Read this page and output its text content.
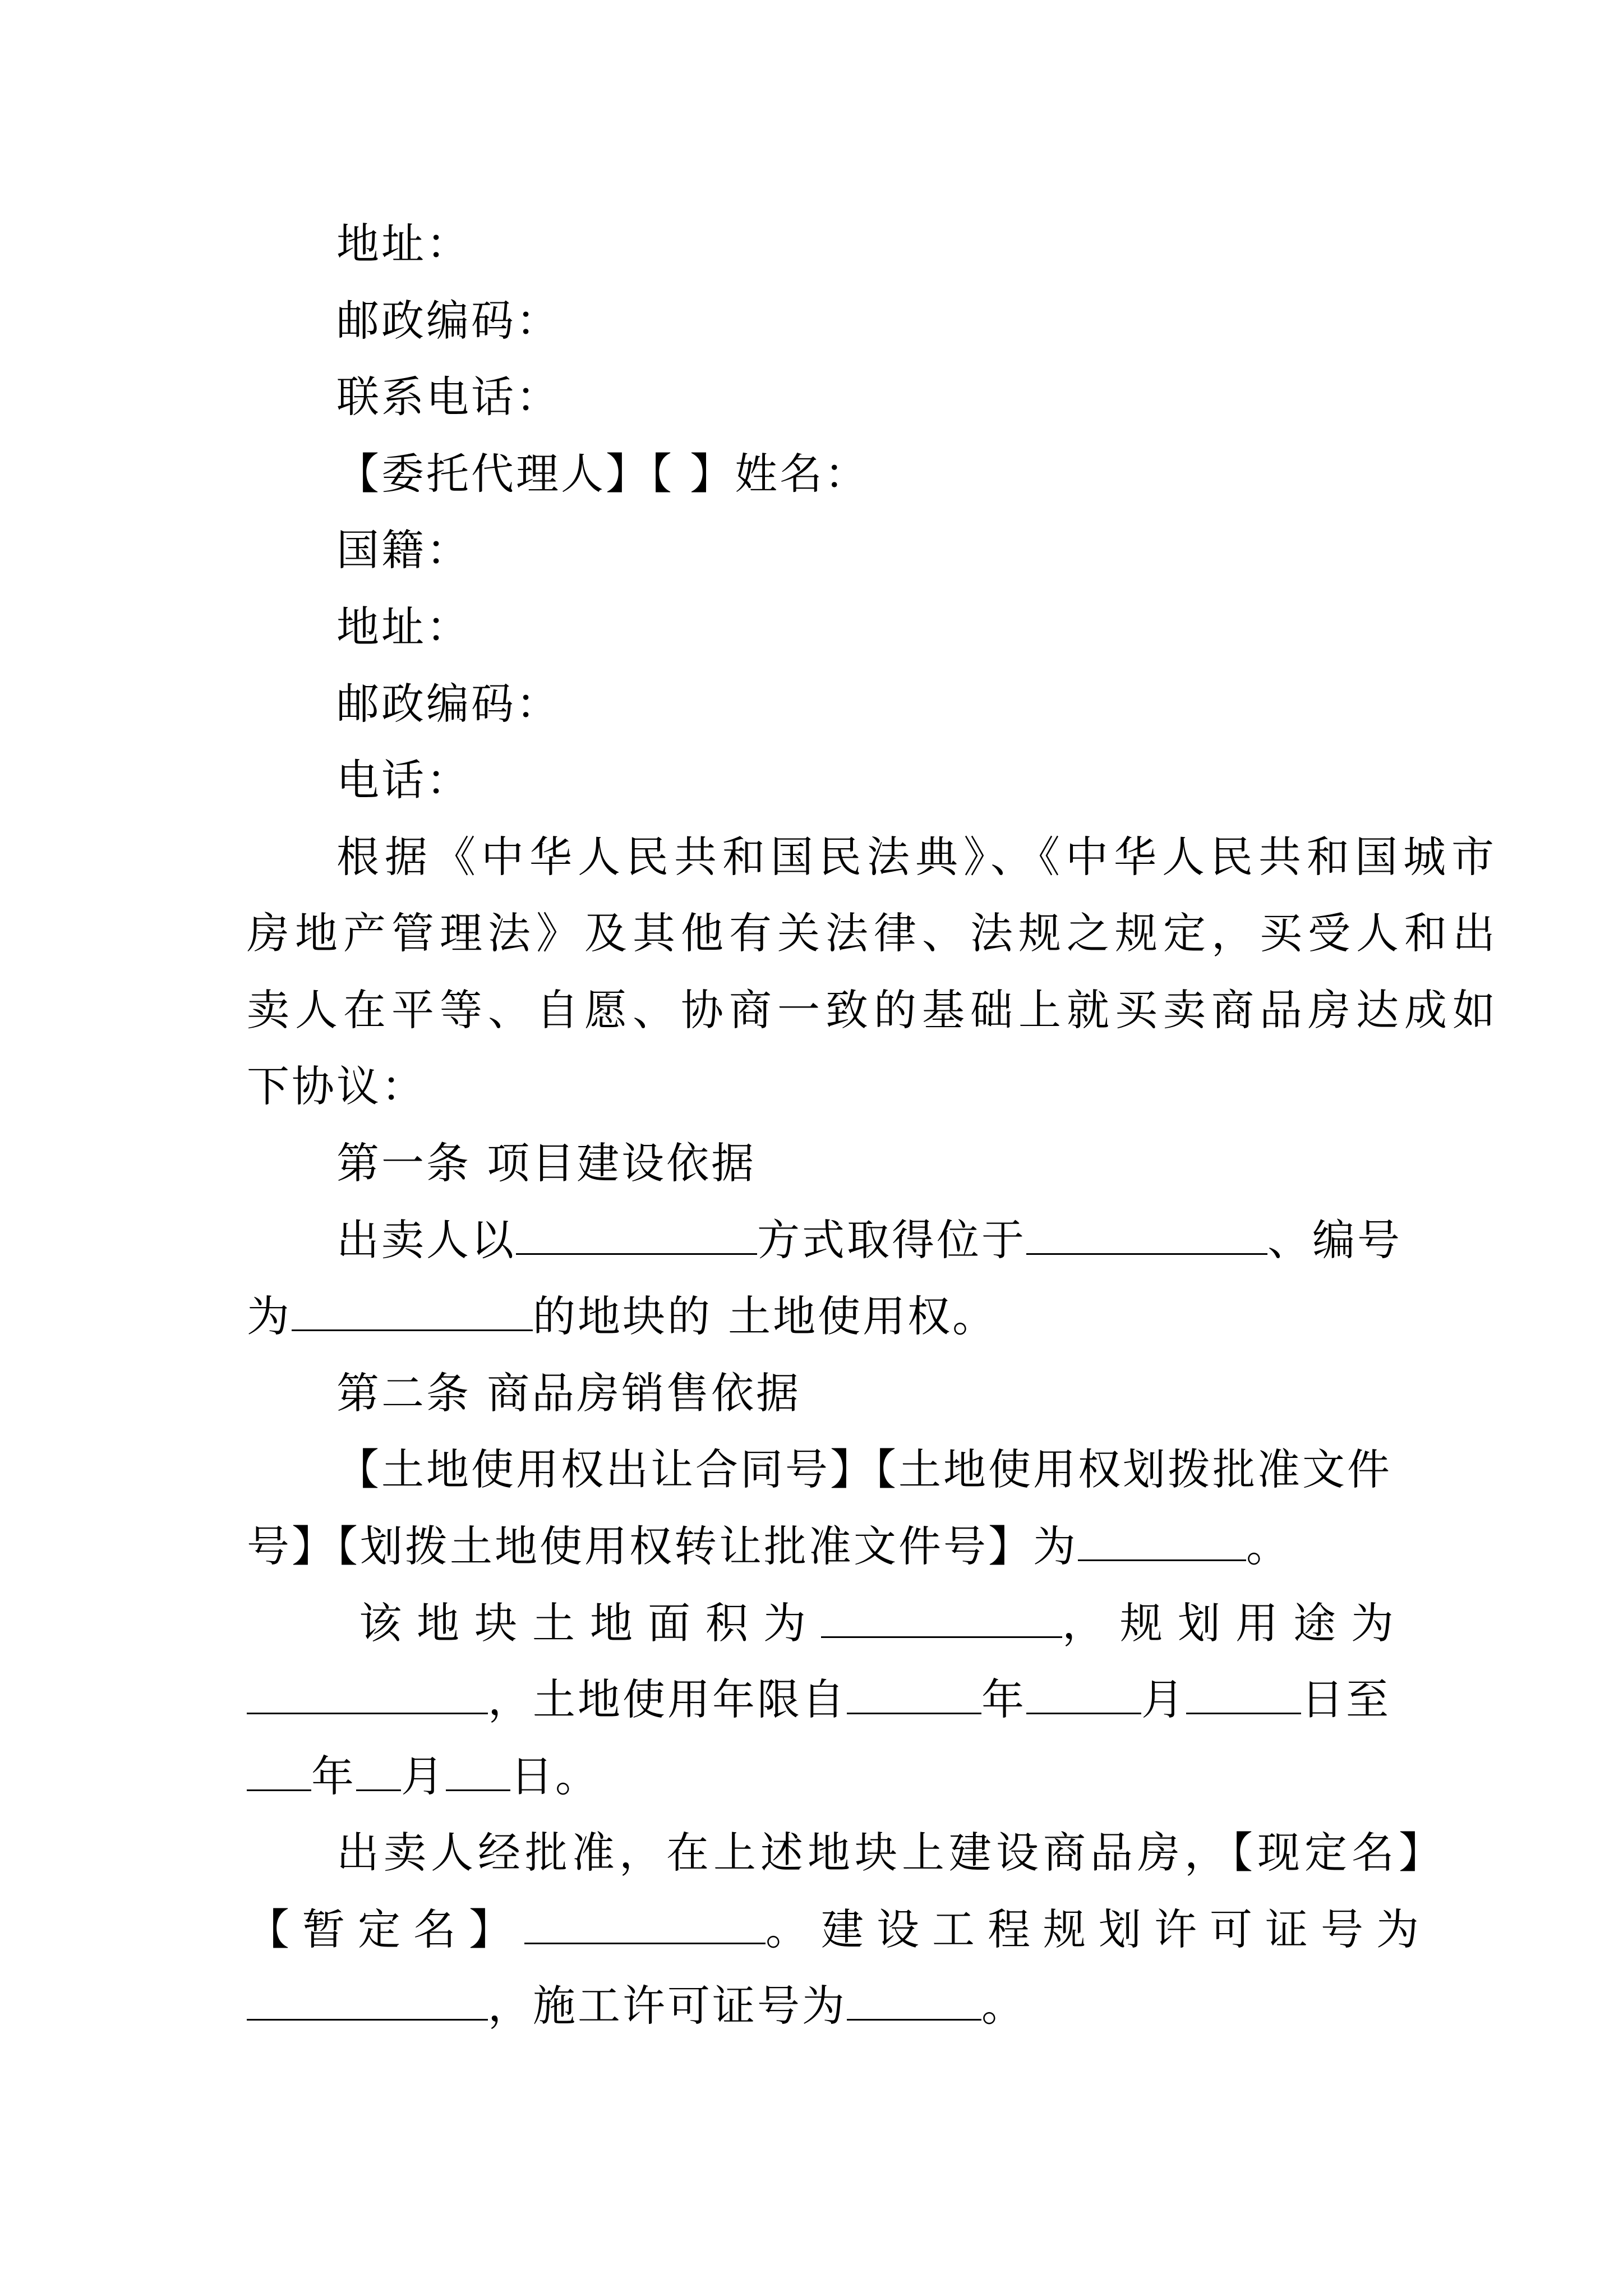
地址：
邮政编码：
联系电话：
【委托代理人】【 】姓名：
国籍：
地址：
邮政编码：
电话：
根据《中华人民共和国民法典》、《中华人民共和国城市
房地产管理法》及其他有关法律、法规之规定，买受人和出
卖人在平等、自愿、协商一致的基础上就买卖商品房达成如
下协议：
第一条 项目建设依据
出卖人以	方式取得位于	、编号
为	的地块的 土地使用权。
第二条 商品房销售依据
【土地使用权出让合同号】【土地使用权划拨批准文件
号】【划拨土地使用权转让批准文件号】为	。
该地块土地面积为	，规划用途为
，土地使用年限自	年	月	日至
年 月 日。
出卖人经批准，在上述地块上建设商品房，【现定名】
【暂定名】	。建设工程规划许可证号为
，施工许可证号为	。
